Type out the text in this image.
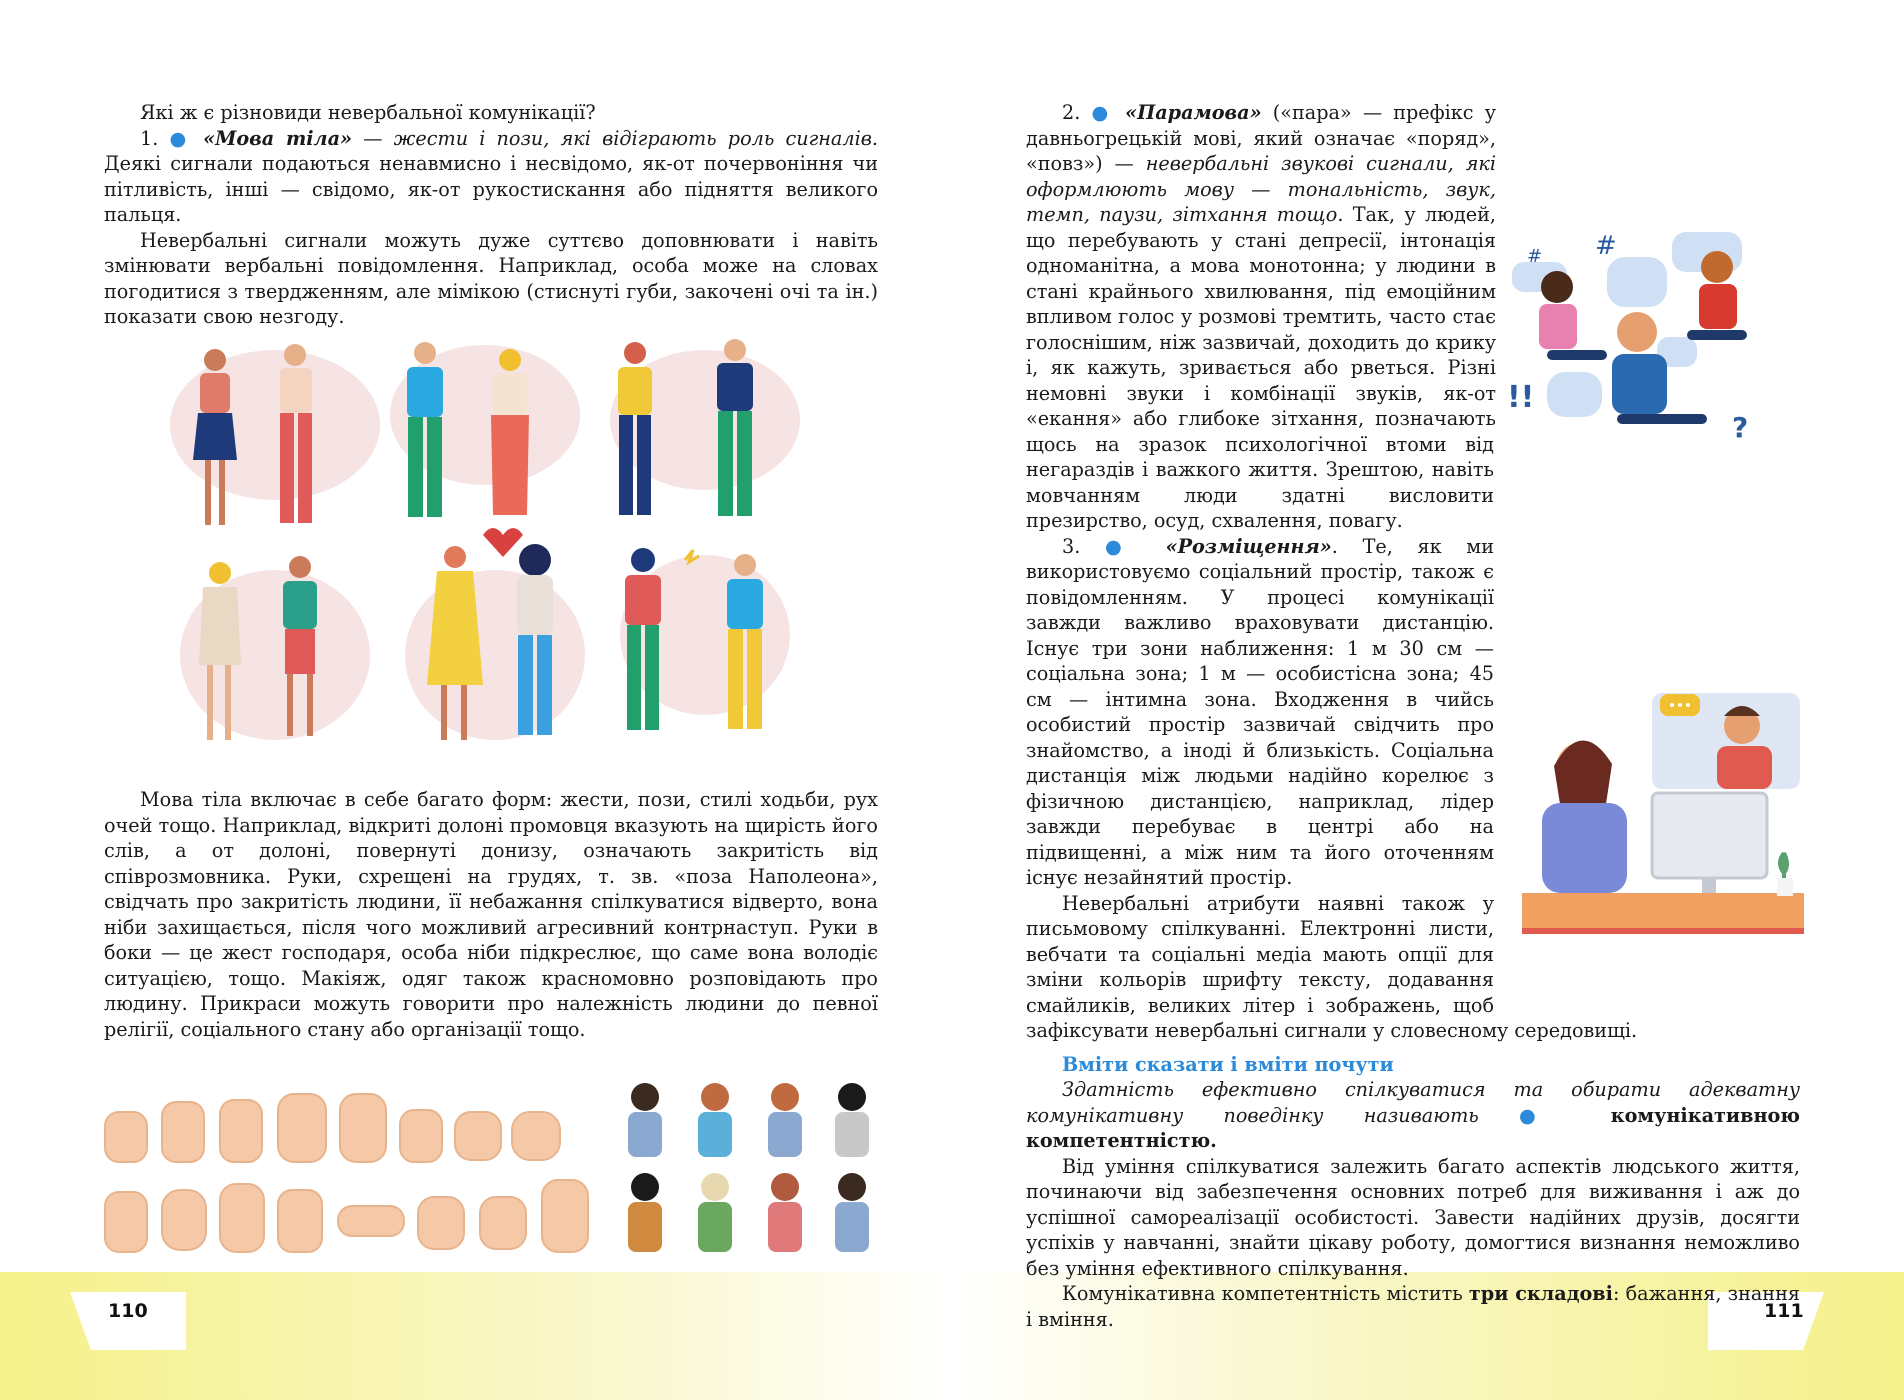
110

Які ж є різновиди невербальної комунікації?

1. ● «Мова тіла» — жести і пози, які відіграють роль сигналів. Деякі сигнали подаються ненавмисно і несвідомо, як-от почервоніння чи пітливість, інші — свідомо, як-от рукостискання або підняття великого пальця.

Невербальні сигнали можуть дуже суттєво доповнювати і навіть змінювати вербальні повідомлення. Наприклад, особа може на словах погодитися з твердженням, але мімікою (стиснуті губи, закочені очі та ін.) показати свою незгоду.

Мова тіла включає в себе багато форм: жести, пози, стилі ходьби, рух очей тощо. Наприклад, відкриті долоні промовця вказують на щирість його слів, а от долоні, повернуті донизу, означають закритість від співрозмовника. Руки, схрещені на грудях, т. зв. «поза Наполеона», свідчать про закритість людини, її небажання спілкуватися відверто, вона ніби захищається, після чого можливий агресивний контрнаступ. Руки в боки — це жест господаря, особа ніби підкреслює, що саме вона володіє ситуацією, тощо. Макіяж, одяг також красномовно розповідають про людину. Прикраси можуть говорити про належність людини до певної релігії, соціального стану або організації тощо.

111
# #
!!
?

2. ● «Парамова» («пара» — префікс у давньогрецькій мові, який означає «поряд», «повз») — невербальні звукові сигнали, які оформлюють мову — тональність, звук, темп, паузи, зітхання тощо. Так, у людей, що перебувають у стані депресії, інтонація одноманітна, а мова монотонна; у людини в стані крайнього хвилювання, під емоційним впливом голос у розмові тремтить, часто стає голоснішим, ніж зазвичай, доходить до крику і, як кажуть, зривається або рветься. Різні немовні звуки і комбінації звуків, як-от «екання» або глибоке зітхання, позначають щось на зразок психологічної втоми від негараздів і важкого життя. Зрештою, навіть мовчанням люди здатні висловити презирство, осуд, схвалення, повагу.

3. ● «Розміщення». Те, як ми використовуємо соціальний простір, також є повідомленням. У процесі комунікації завжди важливо враховувати дистанцію. Існує три зони наближення: 1 м 30 см — соціальна зона; 1 м — особистісна зона; 45 см — інтимна зона. Входження в чийсь особистий простір зазвичай свідчить про знайомство, а іноді й близькість. Соціальна дистанція між людьми надійно корелює з фізичною дистанцією, наприклад, лідер завжди перебуває в центрі або на підвищенні, а між ним та його оточенням існує незайнятий простір.

Невербальні атрибути наявні також у письмовому спілкуванні. Електронні листи, вебчати та соціальні медіа мають опції для зміни кольорів шрифту тексту, додавання смайликів, великих літер і зображень, щоб зафіксувати невербальні сигнали у словесному середовищі.

Вміти сказати і вміти почути

Здатність ефективно спілкуватися та обирати адекватну комунікативну поведінку називають ● комунікативною компетентністю.

Від уміння спілкуватися залежить багато аспектів людського життя, починаючи від забезпечення основних потреб для виживання і аж до успішної самореалізації особистості. Завести надійних друзів, досягти успіхів у навчанні, знайти цікаву роботу, домогтися визнання неможливо без уміння ефективного спілкування.

Комунікативна компетентність містить три складові: бажання, знання і вміння.
